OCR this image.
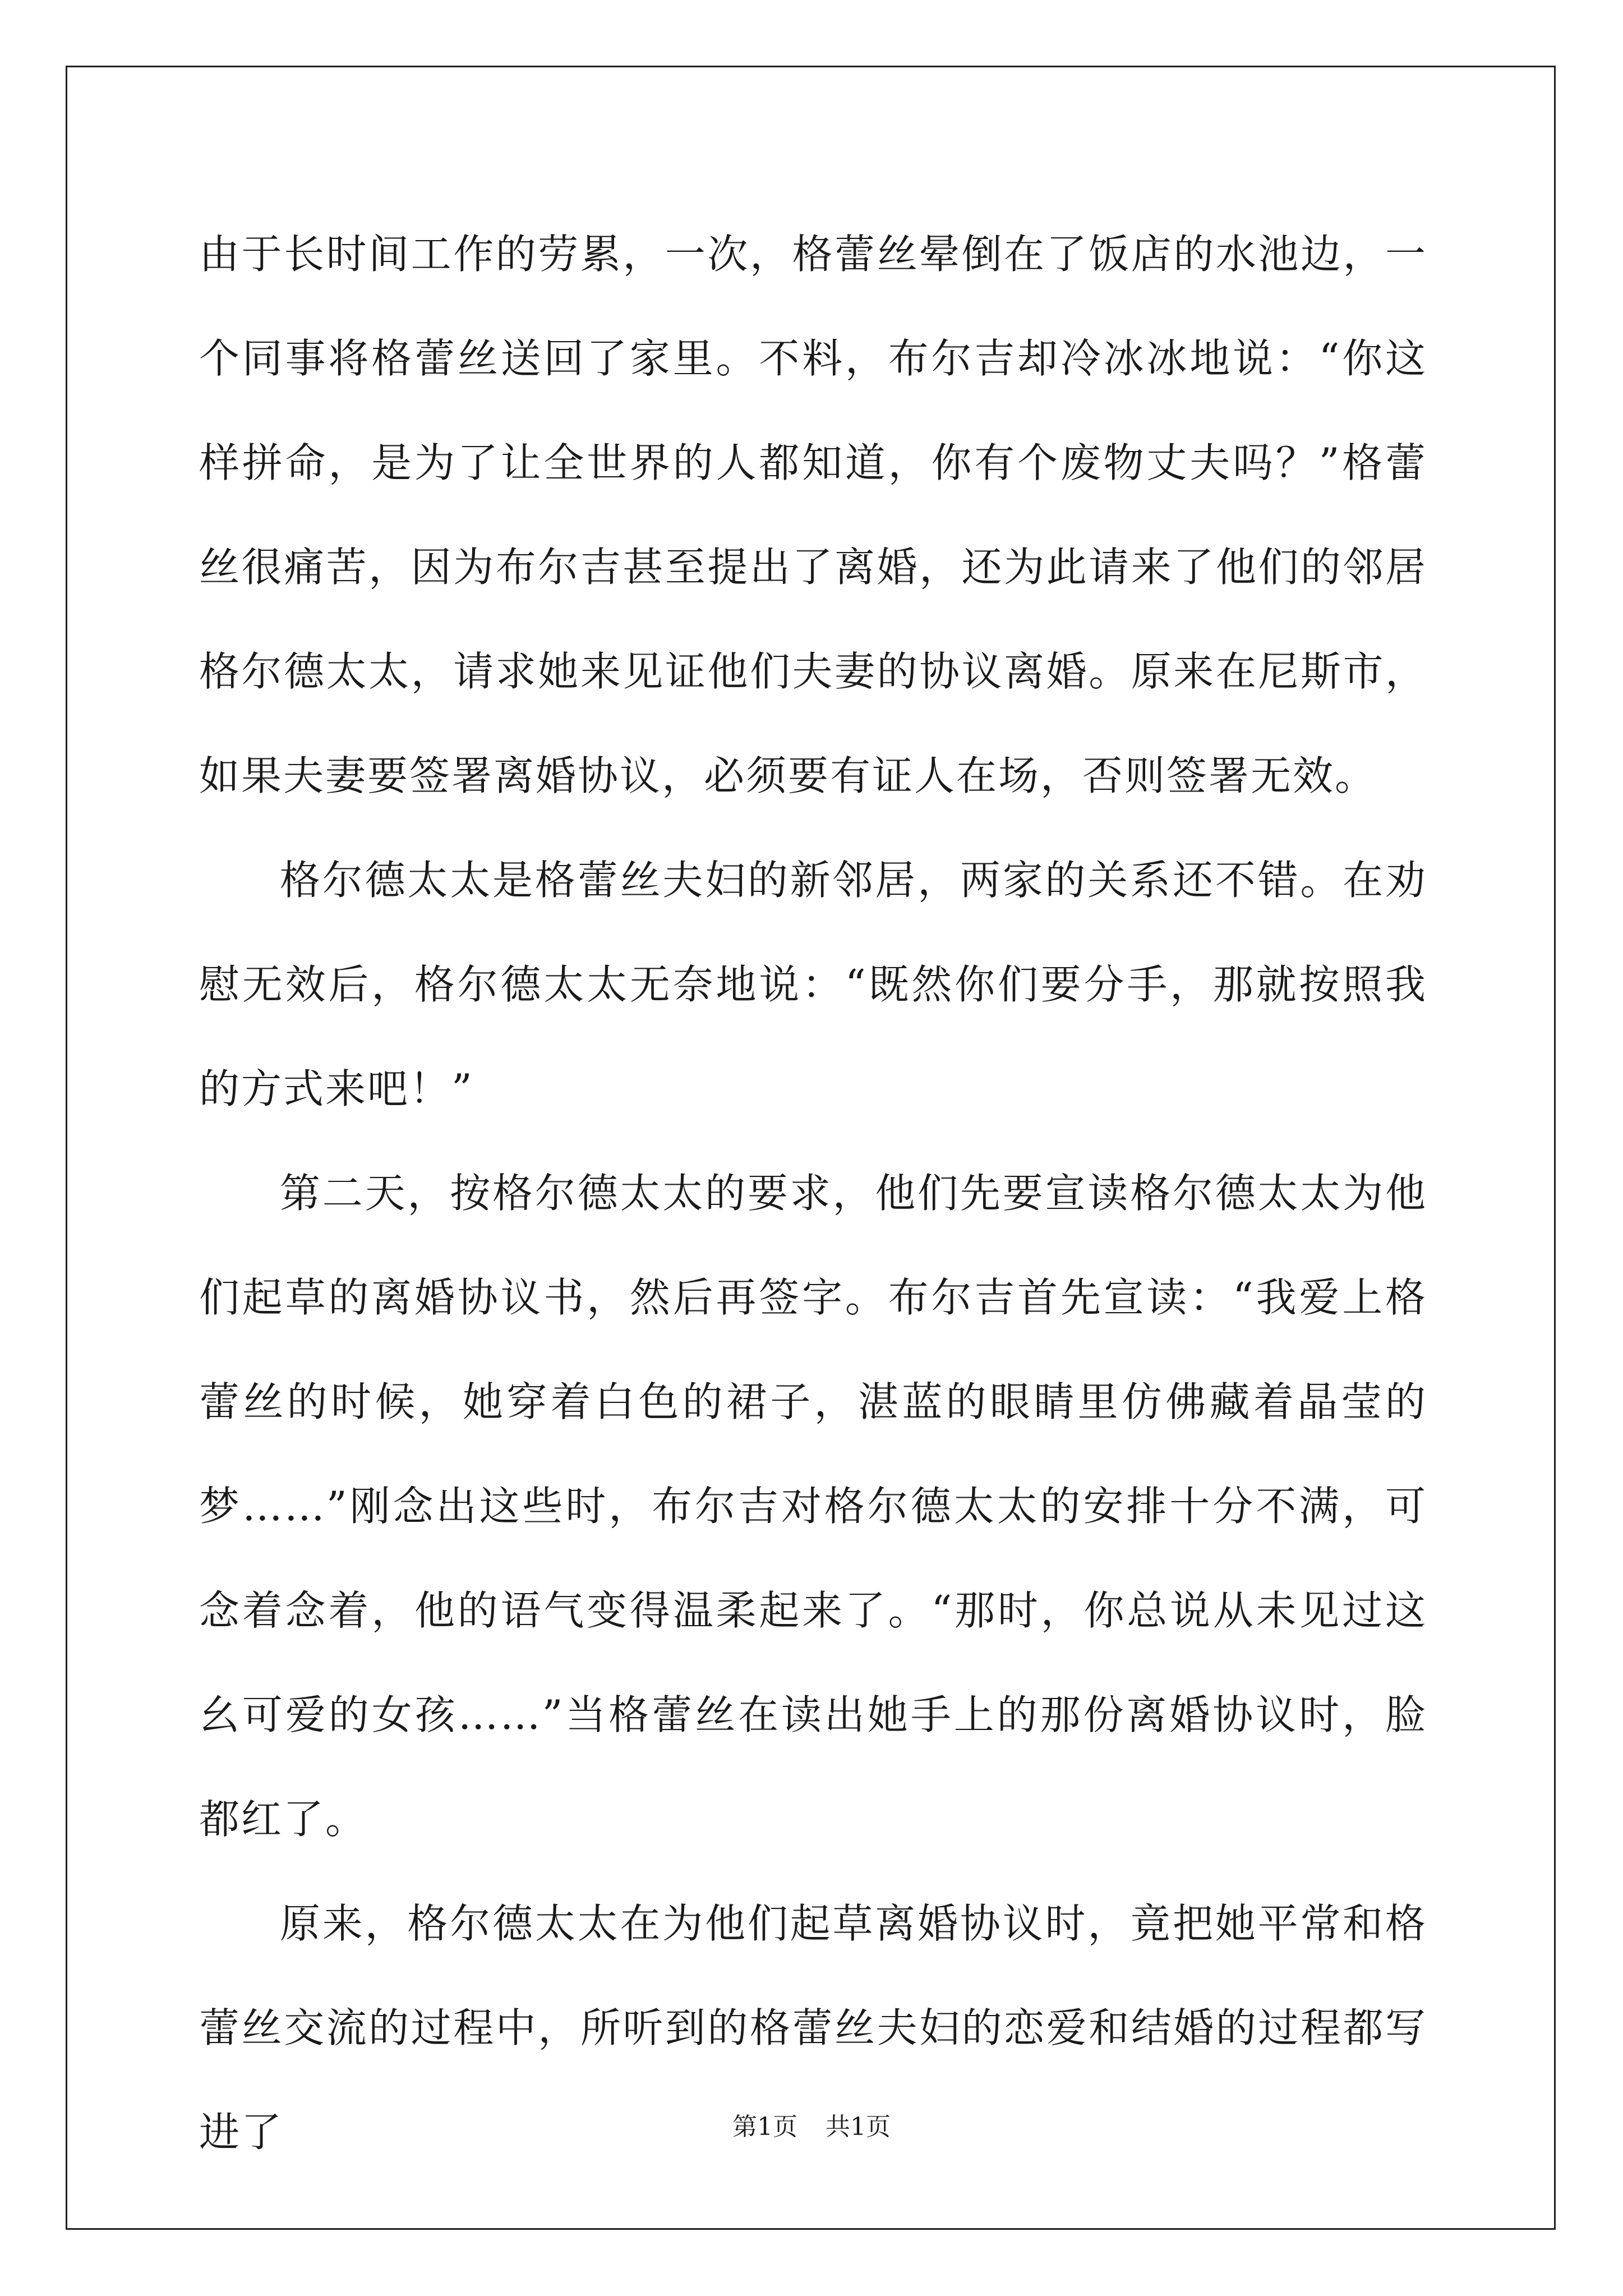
由于长时间工作的劳累，一次，格蕾丝晕倒在了饭店的水池边，一个同事将格蕾丝送回了家里。不料，布尔吉却冷冰冰地说：“你这样拼命，是为了让全世界的人都知道，你有个废物丈夫吗？”格蕾丝很痛苦，因为布尔吉甚至提出了离婚，还为此请来了他们的邻居格尔德太太，请求她来见证他们夫妻的协议离婚。原来在尼斯市，如果夫妻要签署离婚协议，必须要有证人在场，否则签署无效。

格尔德太太是格蕾丝夫妇的新邻居，两家的关系还不错。在劝慰无效后，格尔德太太无奈地说：“既然你们要分手，那就按照我的方式来吧！”

第二天，按格尔德太太的要求，他们先要宣读格尔德太太为他们起草的离婚协议书，然后再签字。布尔吉首先宣读：“我爱上格蕾丝的时候，她穿着白色的裙子，湛蓝的眼睛里仿佛藏着晶莹的梦……”刚念出这些时，布尔吉对格尔德太太的安排十分不满，可念着念着，他的语气变得温柔起来了。“那时，你总说从未见过这幺可爱的女孩……”当格蕾丝在读出她手上的那份离婚协议时，脸都红了。

原来，格尔德太太在为他们起草离婚协议时，竟把她平常和格蕾丝交流的过程中，所听到的格蕾丝夫妇的恋爱和结婚的过程都写进了	第1页 共1页
